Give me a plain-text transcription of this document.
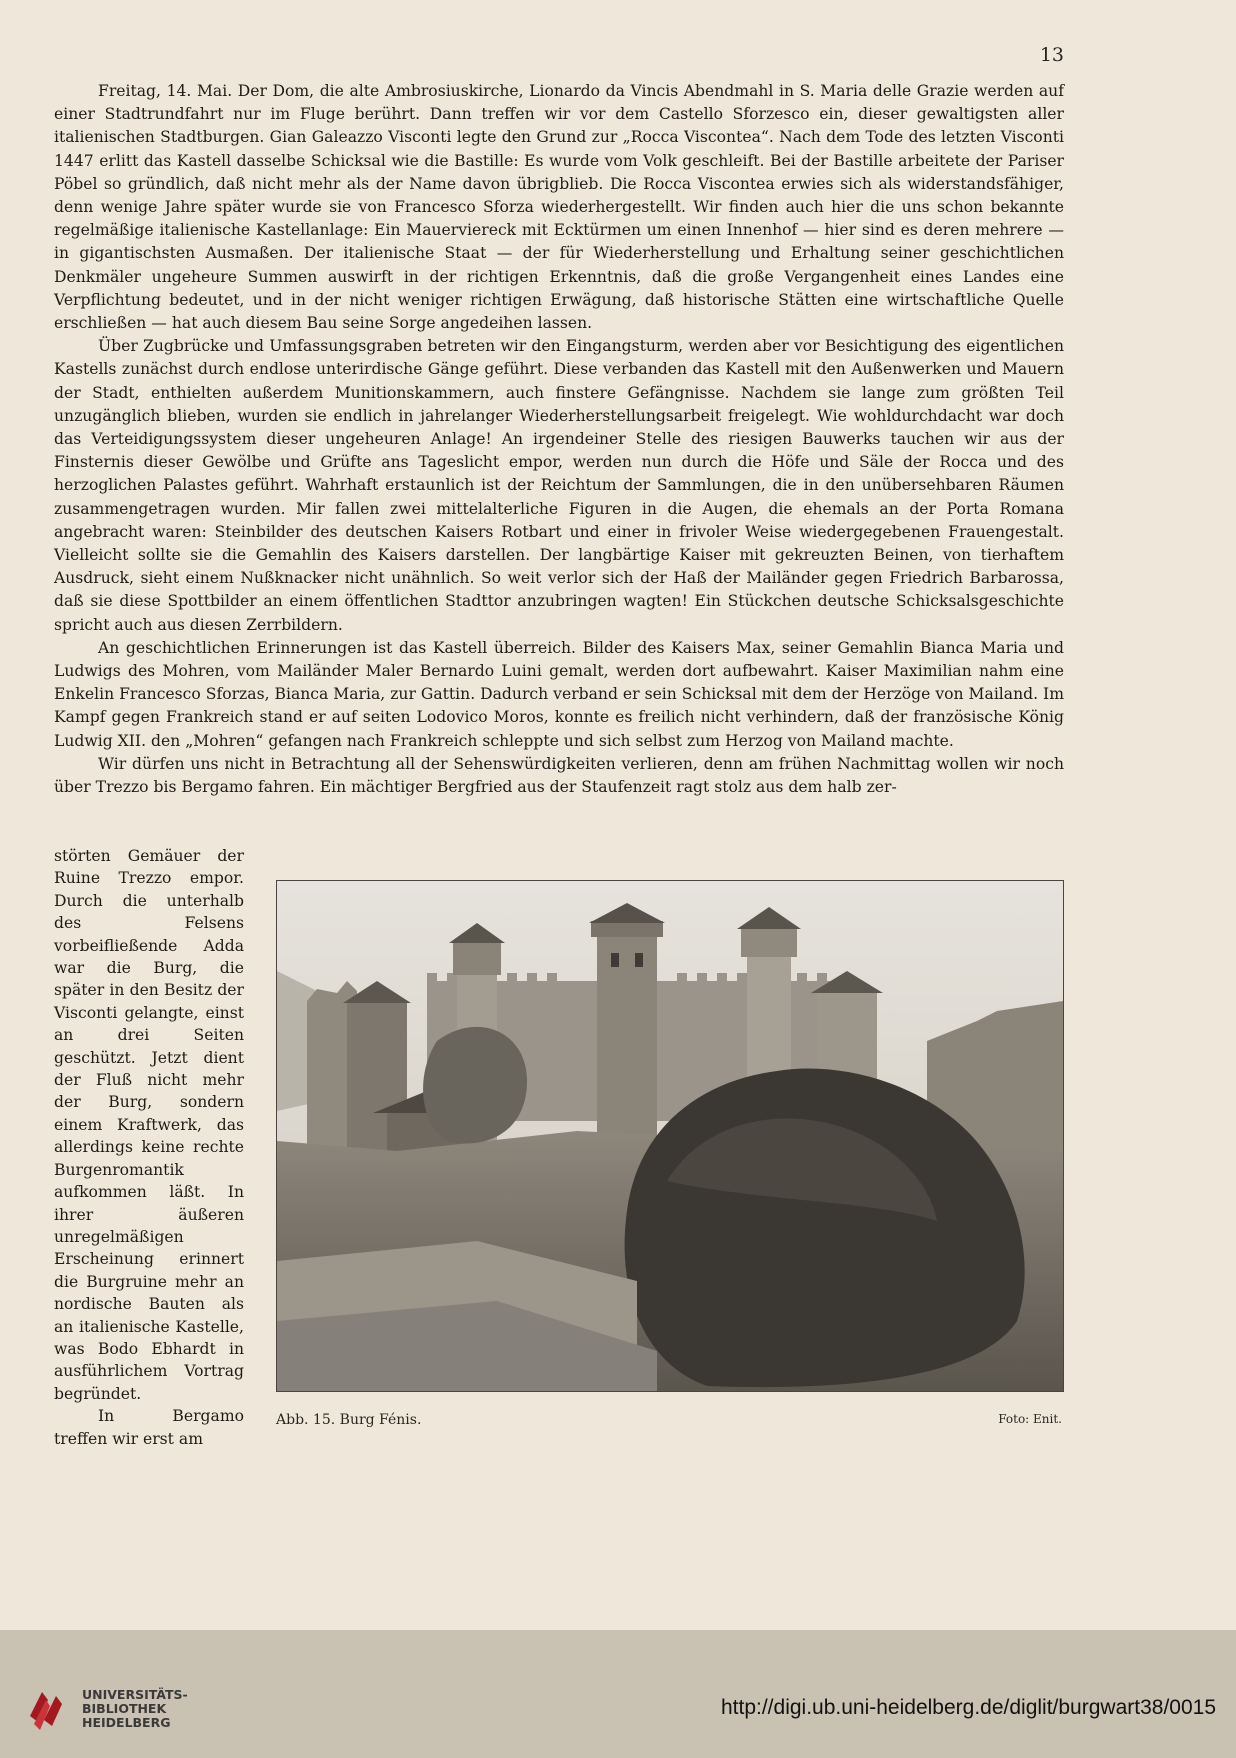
13

Freitag, 14. Mai. Der Dom, die alte Ambrosiuskirche, Lionardo da Vincis Abendmahl in S. Maria delle Grazie werden auf einer Stadtrundfahrt nur im Fluge berührt. Dann treffen wir vor dem Castello Sforzesco ein, dieser gewaltigsten aller italienischen Stadtburgen. Gian Galeazzo Visconti legte den Grund zur „Rocca Viscontea“. Nach dem Tode des letzten Visconti 1447 erlitt das Kastell dasselbe Schicksal wie die Bastille: Es wurde vom Volk geschleift. Bei der Bastille arbeitete der Pariser Pöbel so gründlich, daß nicht mehr als der Name davon übrigblieb. Die Rocca Viscontea erwies sich als widerstandsfähiger, denn wenige Jahre später wurde sie von Francesco Sforza wiederhergestellt. Wir finden auch hier die uns schon bekannte regelmäßige italienische Kastellanlage: Ein Mauerviereck mit Ecktürmen um einen Innenhof — hier sind es deren mehrere — in gigantischsten Ausmaßen. Der italienische Staat — der für Wiederherstellung und Erhaltung seiner geschichtlichen Denkmäler ungeheure Summen auswirft in der richtigen Erkenntnis, daß die große Vergangenheit eines Landes eine Verpflichtung bedeutet, und in der nicht weniger richtigen Erwägung, daß historische Stätten eine wirtschaftliche Quelle erschließen — hat auch diesem Bau seine Sorge angedeihen lassen.

Über Zugbrücke und Umfassungsgraben betreten wir den Eingangsturm, werden aber vor Besichtigung des eigentlichen Kastells zunächst durch endlose unterirdische Gänge geführt. Diese verbanden das Kastell mit den Außenwerken und Mauern der Stadt, enthielten außerdem Munitionskammern, auch finstere Gefängnisse. Nachdem sie lange zum größten Teil unzugänglich blieben, wurden sie endlich in jahrelanger Wiederherstellungsarbeit freigelegt. Wie wohldurchdacht war doch das Verteidigungssystem dieser ungeheuren Anlage! An irgendeiner Stelle des riesigen Bauwerks tauchen wir aus der Finsternis dieser Gewölbe und Grüfte ans Tageslicht empor, werden nun durch die Höfe und Säle der Rocca und des herzoglichen Palastes geführt. Wahrhaft erstaunlich ist der Reichtum der Sammlungen, die in den unübersehbaren Räumen zusammengetragen wurden. Mir fallen zwei mittelalterliche Figuren in die Augen, die ehemals an der Porta Romana angebracht waren: Steinbilder des deutschen Kaisers Rotbart und einer in frivoler Weise wiedergegebenen Frauengestalt. Vielleicht sollte sie die Gemahlin des Kaisers darstellen. Der langbärtige Kaiser mit gekreuzten Beinen, von tierhaftem Ausdruck, sieht einem Nußknacker nicht unähnlich. So weit verlor sich der Haß der Mailänder gegen Friedrich Barbarossa, daß sie diese Spottbilder an einem öffentlichen Stadttor anzubringen wagten! Ein Stückchen deutsche Schicksalsgeschichte spricht auch aus diesen Zerrbildern.

An geschichtlichen Erinnerungen ist das Kastell überreich. Bilder des Kaisers Max, seiner Gemahlin Bianca Maria und Ludwigs des Mohren, vom Mailänder Maler Bernardo Luini gemalt, werden dort aufbewahrt. Kaiser Maximilian nahm eine Enkelin Francesco Sforzas, Bianca Maria, zur Gattin. Dadurch verband er sein Schicksal mit dem der Herzöge von Mailand. Im Kampf gegen Frankreich stand er auf seiten Lodovico Moros, konnte es freilich nicht verhindern, daß der französische König Ludwig XII. den „Mohren“ gefangen nach Frankreich schleppte und sich selbst zum Herzog von Mailand machte.

Wir dürfen uns nicht in Betrachtung all der Sehenswürdigkeiten verlieren, denn am frühen Nachmittag wollen wir noch über Trezzo bis Bergamo fahren. Ein mächtiger Bergfried aus der Staufenzeit ragt stolz aus dem halb zer-

störten Gemäuer der Ruine Trezzo empor. Durch die unterhalb des Felsens vorbeifließende Adda war die Burg, die später in den Besitz der Visconti gelangte, einst an drei Seiten geschützt. Jetzt dient der Fluß nicht mehr der Burg, sondern einem Kraftwerk, das allerdings keine rechte Burgenromantik aufkommen läßt. In ihrer äußeren unregelmäßigen Erscheinung erinnert die Burgruine mehr an nordische Bauten als an italienische Kastelle, was Bodo Ebhardt in ausführlichem Vortrag begründet.

In Bergamo treffen wir erst am

Abb. 15. Burg Fénis.	Foto: Enit.
UNIVERSITÄTS-
BIBLIOTHEK
HEIDELBERG
http://digi.ub.uni-heidelberg.de/diglit/burgwart38/0015
